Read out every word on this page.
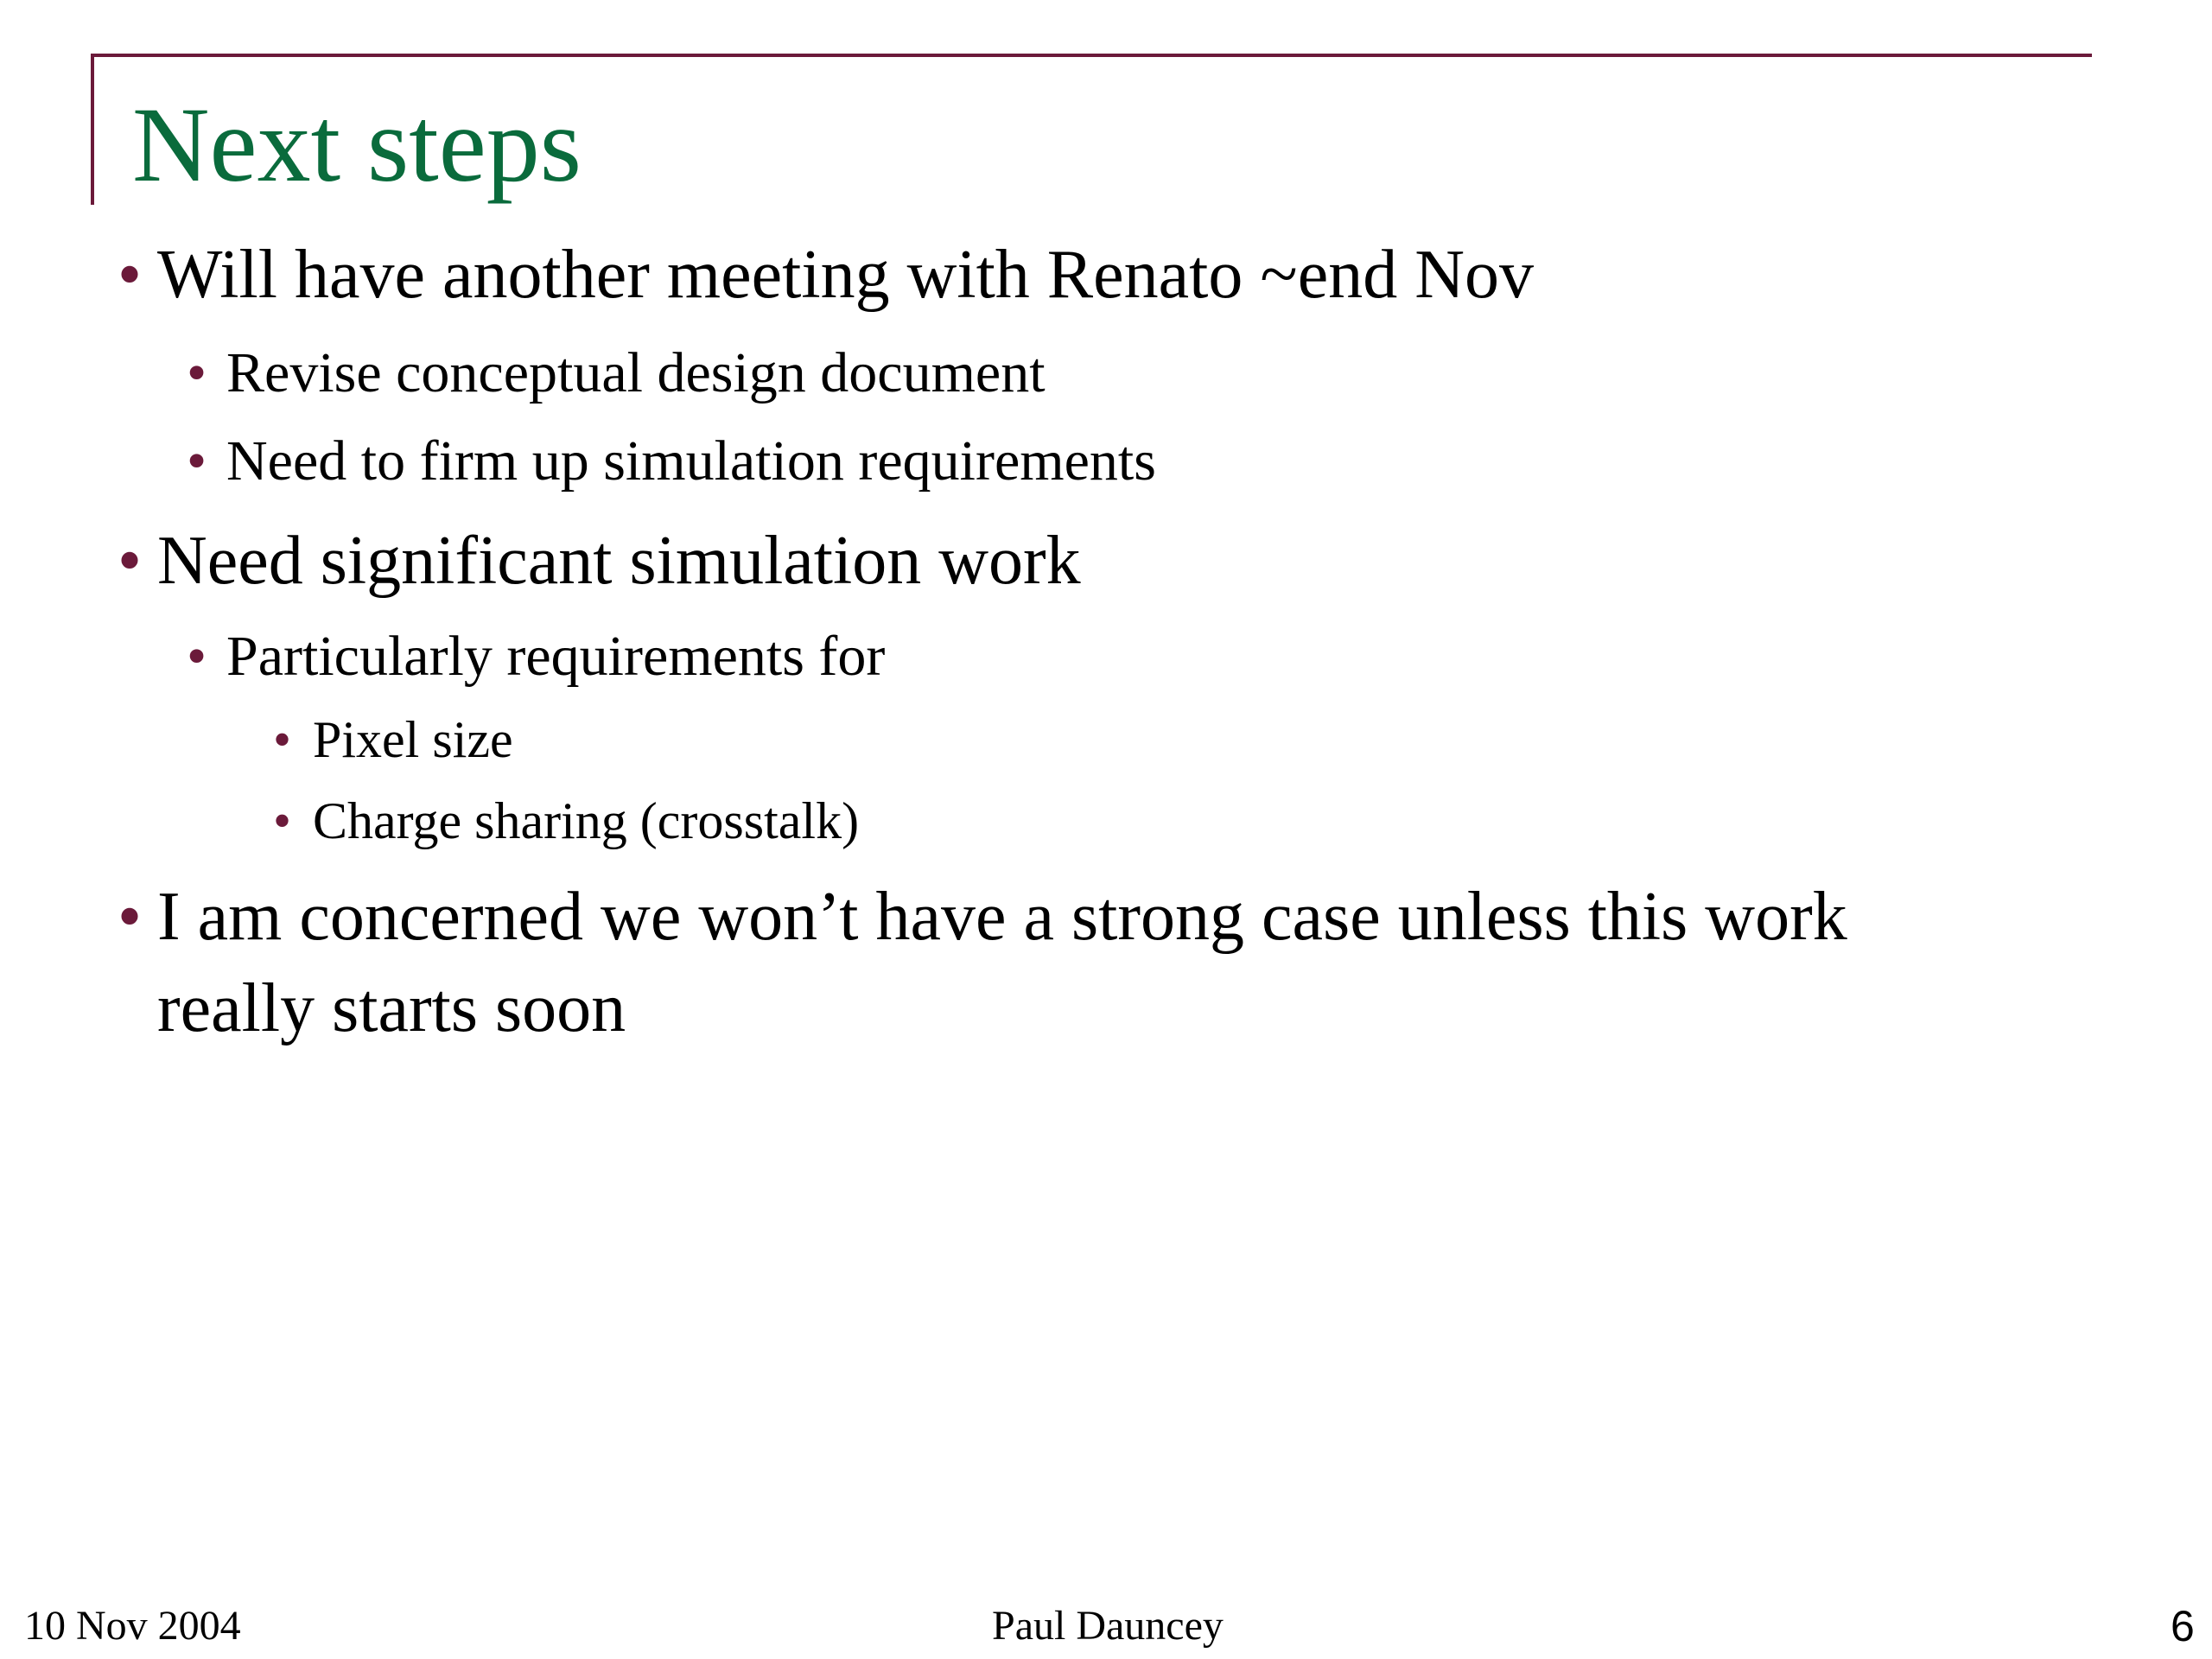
Next steps
• Will have another meeting with Renato ~end Nov
• Revise conceptual design document
• Need to firm up simulation requirements
• Need significant simulation work
• Particularly requirements for
• Pixel size
• Charge sharing (crosstalk)
• I am concerned we won’t have a strong case unless this work
really starts soon
10 Nov 2004	Paul Dauncey	6
